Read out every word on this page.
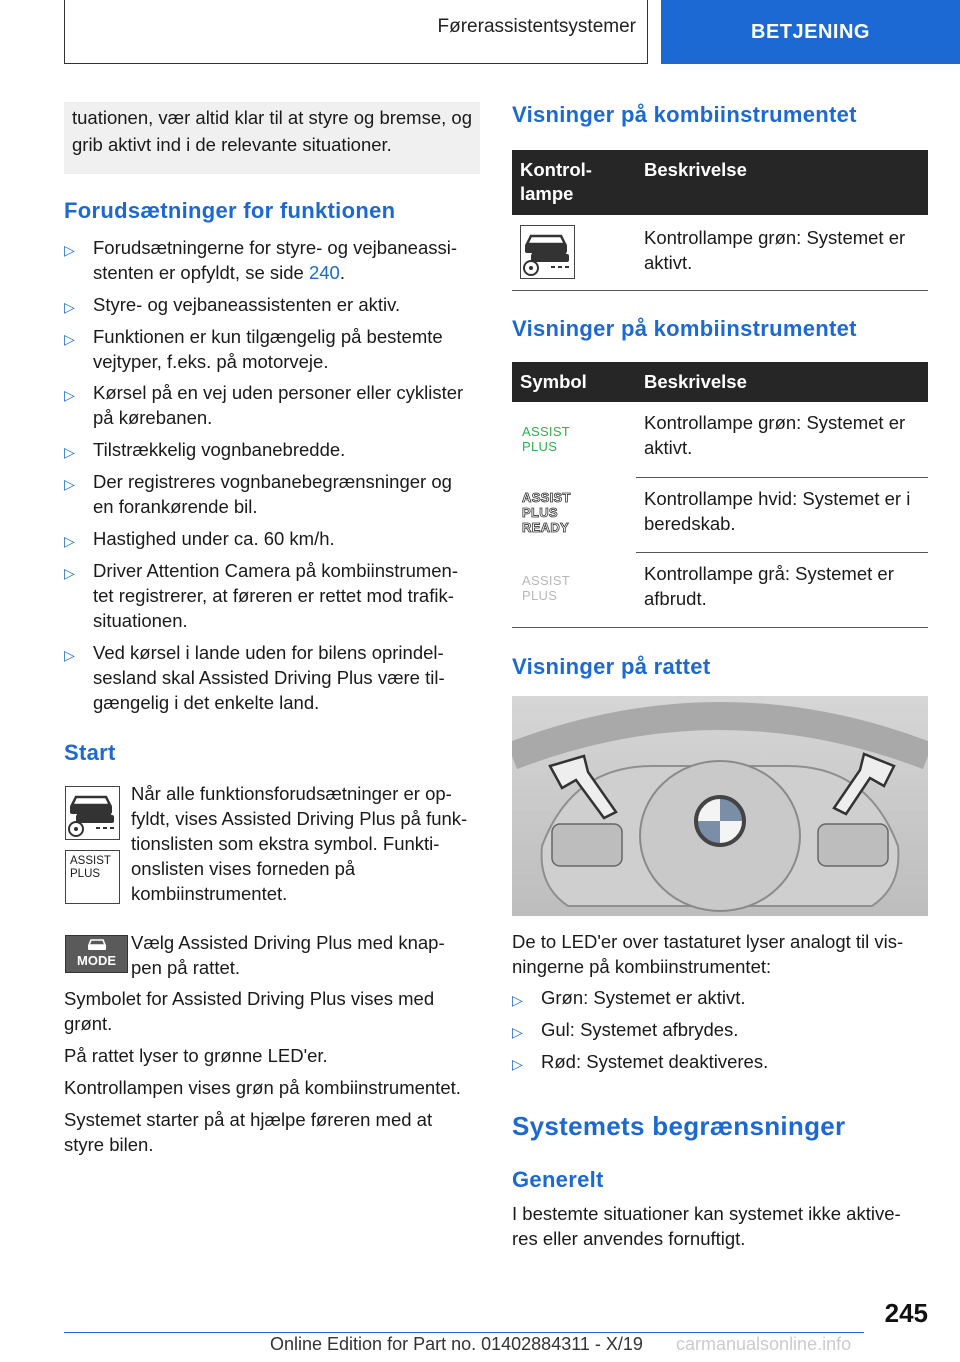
Førerassistentsystemer	BETJENING
tuationen, vær altid klar til at styre og bremse, og grib aktivt ind i de relevante situationer.
Forudsætninger for funktionen
▷ Forudsætningerne for styre- og vejbaneassi-
stenten er opfyldt, se side 240.
▷ Styre- og vejbaneassistenten er aktiv.
▷ Funktionen er kun tilgængelig på bestemte
vejtyper, f.eks. på motorveje.
▷ Kørsel på en vej uden personer eller cyklister
på kørebanen.
▷ Tilstrækkelig vognbanebredde.
▷ Der registreres vognbanebegrænsninger og
en forankørende bil.
▷ Hastighed under ca. 60 km/h.
▷ Driver Attention Camera på kombiinstrumen-
tet registrerer, at føreren er rettet mod trafik-
situationen.
▷ Ved kørsel i lande uden for bilens oprindel-
sesland skal Assisted Driving Plus være til-
gængelig i det enkelte land.
Start
ASSIST
PLUS
Når alle funktionsforudsætninger er op-
fyldt, vises Assisted Driving Plus på funk-
tionslisten som ekstra symbol. Funkti-
onslisten vises forneden på
kombiinstrumentet.
MODE
Vælg Assisted Driving Plus med knap-
pen på rattet.
Symbolet for Assisted Driving Plus vises med
grønt.
På rattet lyser to grønne LED'er.
Kontrollampen vises grøn på kombiinstrumentet.
Systemet starter på at hjælpe føreren med at
styre bilen.
Visninger på kombiinstrumentet
Kontrol-
lampe
Beskrivelse
Kontrollampe grøn: Systemet er
aktivt.
Visninger på kombiinstrumentet
Symbol	Beskrivelse
ASSIST
PLUS
Kontrollampe grøn: Systemet er
aktivt.
ASSIST
PLUS
READY
Kontrollampe hvid: Systemet er i
beredskab.
ASSIST
PLUS
Kontrollampe grå: Systemet er
afbrudt.
Visninger på rattet
De to LED'er over tastaturet lyser analogt til vis-
ningerne på kombiinstrumentet:
▷ Grøn: Systemet er aktivt.
▷ Gul: Systemet afbrydes.
▷ Rød: Systemet deaktiveres.
Systemets begrænsninger
Generelt
I bestemte situationer kan systemet ikke aktive-
res eller anvendes fornuftigt.
245
Online Edition for Part no. 01402884311 - X/19 carmanualsonline.info
